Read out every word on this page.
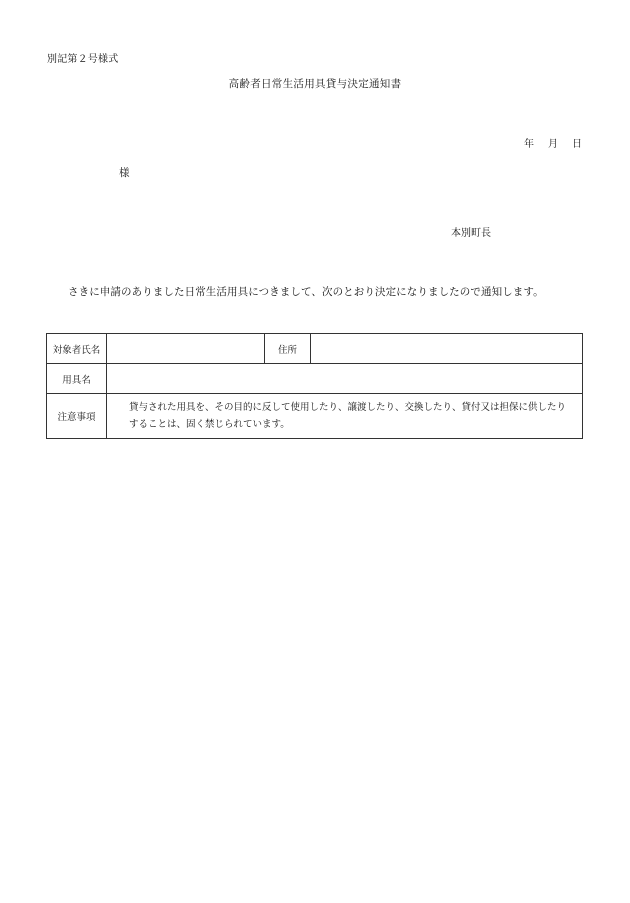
別記第２号様式
高齢者日常生活用具貸与決定通知書
年 月 日
様
本別町長
さきに申請のありました日常生活用具につきまして、次のとおり決定になりましたので通知します。
対象者氏名		住所	
用具名			
注意事項	貸与された用具を、その目的に反して使用したり、譲渡したり、交換したり、貸付又は担保に供したりすることは、固く禁じられています。		
